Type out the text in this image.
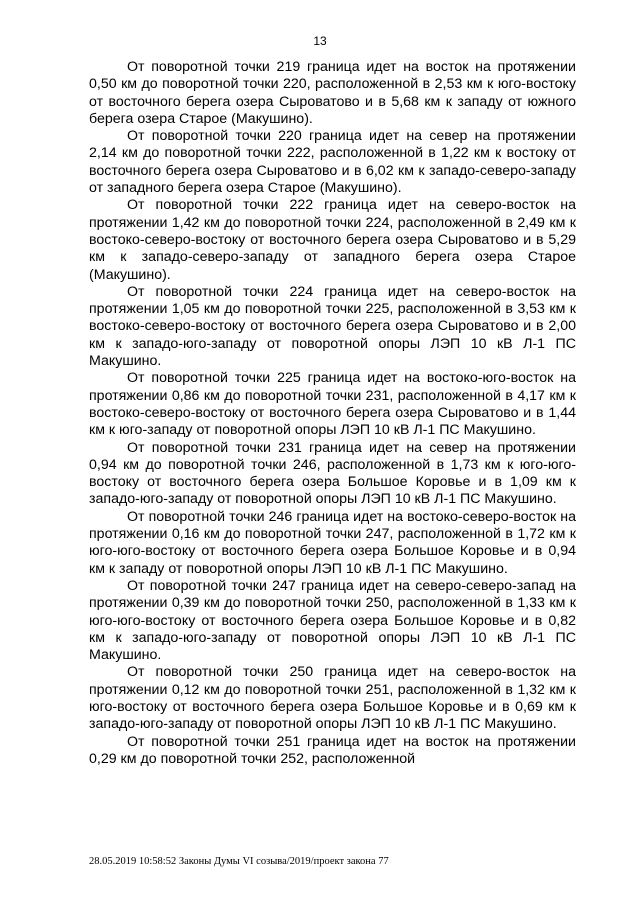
13

От поворотной точки 219 граница идет на восток на протяжении 0,50 км до поворотной точки 220, расположенной в 2,53 км к юго-востоку от восточного берега озера Сыроватово и в 5,68 км к западу от южного берега озера Старое (Макушино).

От поворотной точки 220 граница идет на север на протяжении 2,14 км до поворотной точки 222, расположенной в 1,22 км к востоку от восточного берега озера Сыроватово и в 6,02 км к западо-северо-западу от западного берега озера Старое (Макушино).

От поворотной точки 222 граница идет на северо-восток на протяжении 1,42 км до поворотной точки 224, расположенной в 2,49 км к востоко-северо-востоку от восточного берега озера Сыроватово и в 5,29 км к западо-северо-западу от западного берега озера Старое (Макушино).

От поворотной точки 224 граница идет на северо-восток на протяжении 1,05 км до поворотной точки 225, расположенной в 3,53 км к востоко-северо-востоку от восточного берега озера Сыроватово и в 2,00 км к западо-юго-западу от поворотной опоры ЛЭП 10 кВ Л-1 ПС Макушино.

От поворотной точки 225 граница идет на востоко-юго-восток на протяжении 0,86 км до поворотной точки 231, расположенной в 4,17 км к востоко-северо-востоку от восточного берега озера Сыроватово и в 1,44 км к юго-западу от поворотной опоры ЛЭП 10 кВ Л-1 ПС Макушино.

От поворотной точки 231 граница идет на север на протяжении 0,94 км до поворотной точки 246, расположенной в 1,73 км к юго-юго-востоку от восточного берега озера Большое Коровье и в 1,09 км к западо-юго-западу от поворотной опоры ЛЭП 10 кВ Л-1 ПС Макушино.

От поворотной точки 246 граница идет на востоко-северо-восток на протяжении 0,16 км до поворотной точки 247, расположенной в 1,72 км к юго-юго-востоку от восточного берега озера Большое Коровье и в 0,94 км к западу от поворотной опоры ЛЭП 10 кВ Л-1 ПС Макушино.

От поворотной точки 247 граница идет на северо-северо-запад на протяжении 0,39 км до поворотной точки 250, расположенной в 1,33 км к юго-юго-востоку от восточного берега озера Большое Коровье и в 0,82 км к западо-юго-западу от поворотной опоры ЛЭП 10 кВ Л-1 ПС Макушино.

От поворотной точки 250 граница идет на северо-восток на протяжении 0,12 км до поворотной точки 251, расположенной в 1,32 км к юго-востоку от восточного берега озера Большое Коровье и в 0,69 км к западо-юго-западу от поворотной опоры ЛЭП 10 кВ Л-1 ПС Макушино.

От поворотной точки 251 граница идет на восток на протяжении 0,29 км до поворотной точки 252, расположенной

28.05.2019 10:58:52 Законы Думы VI созыва/2019/проект закона 77
